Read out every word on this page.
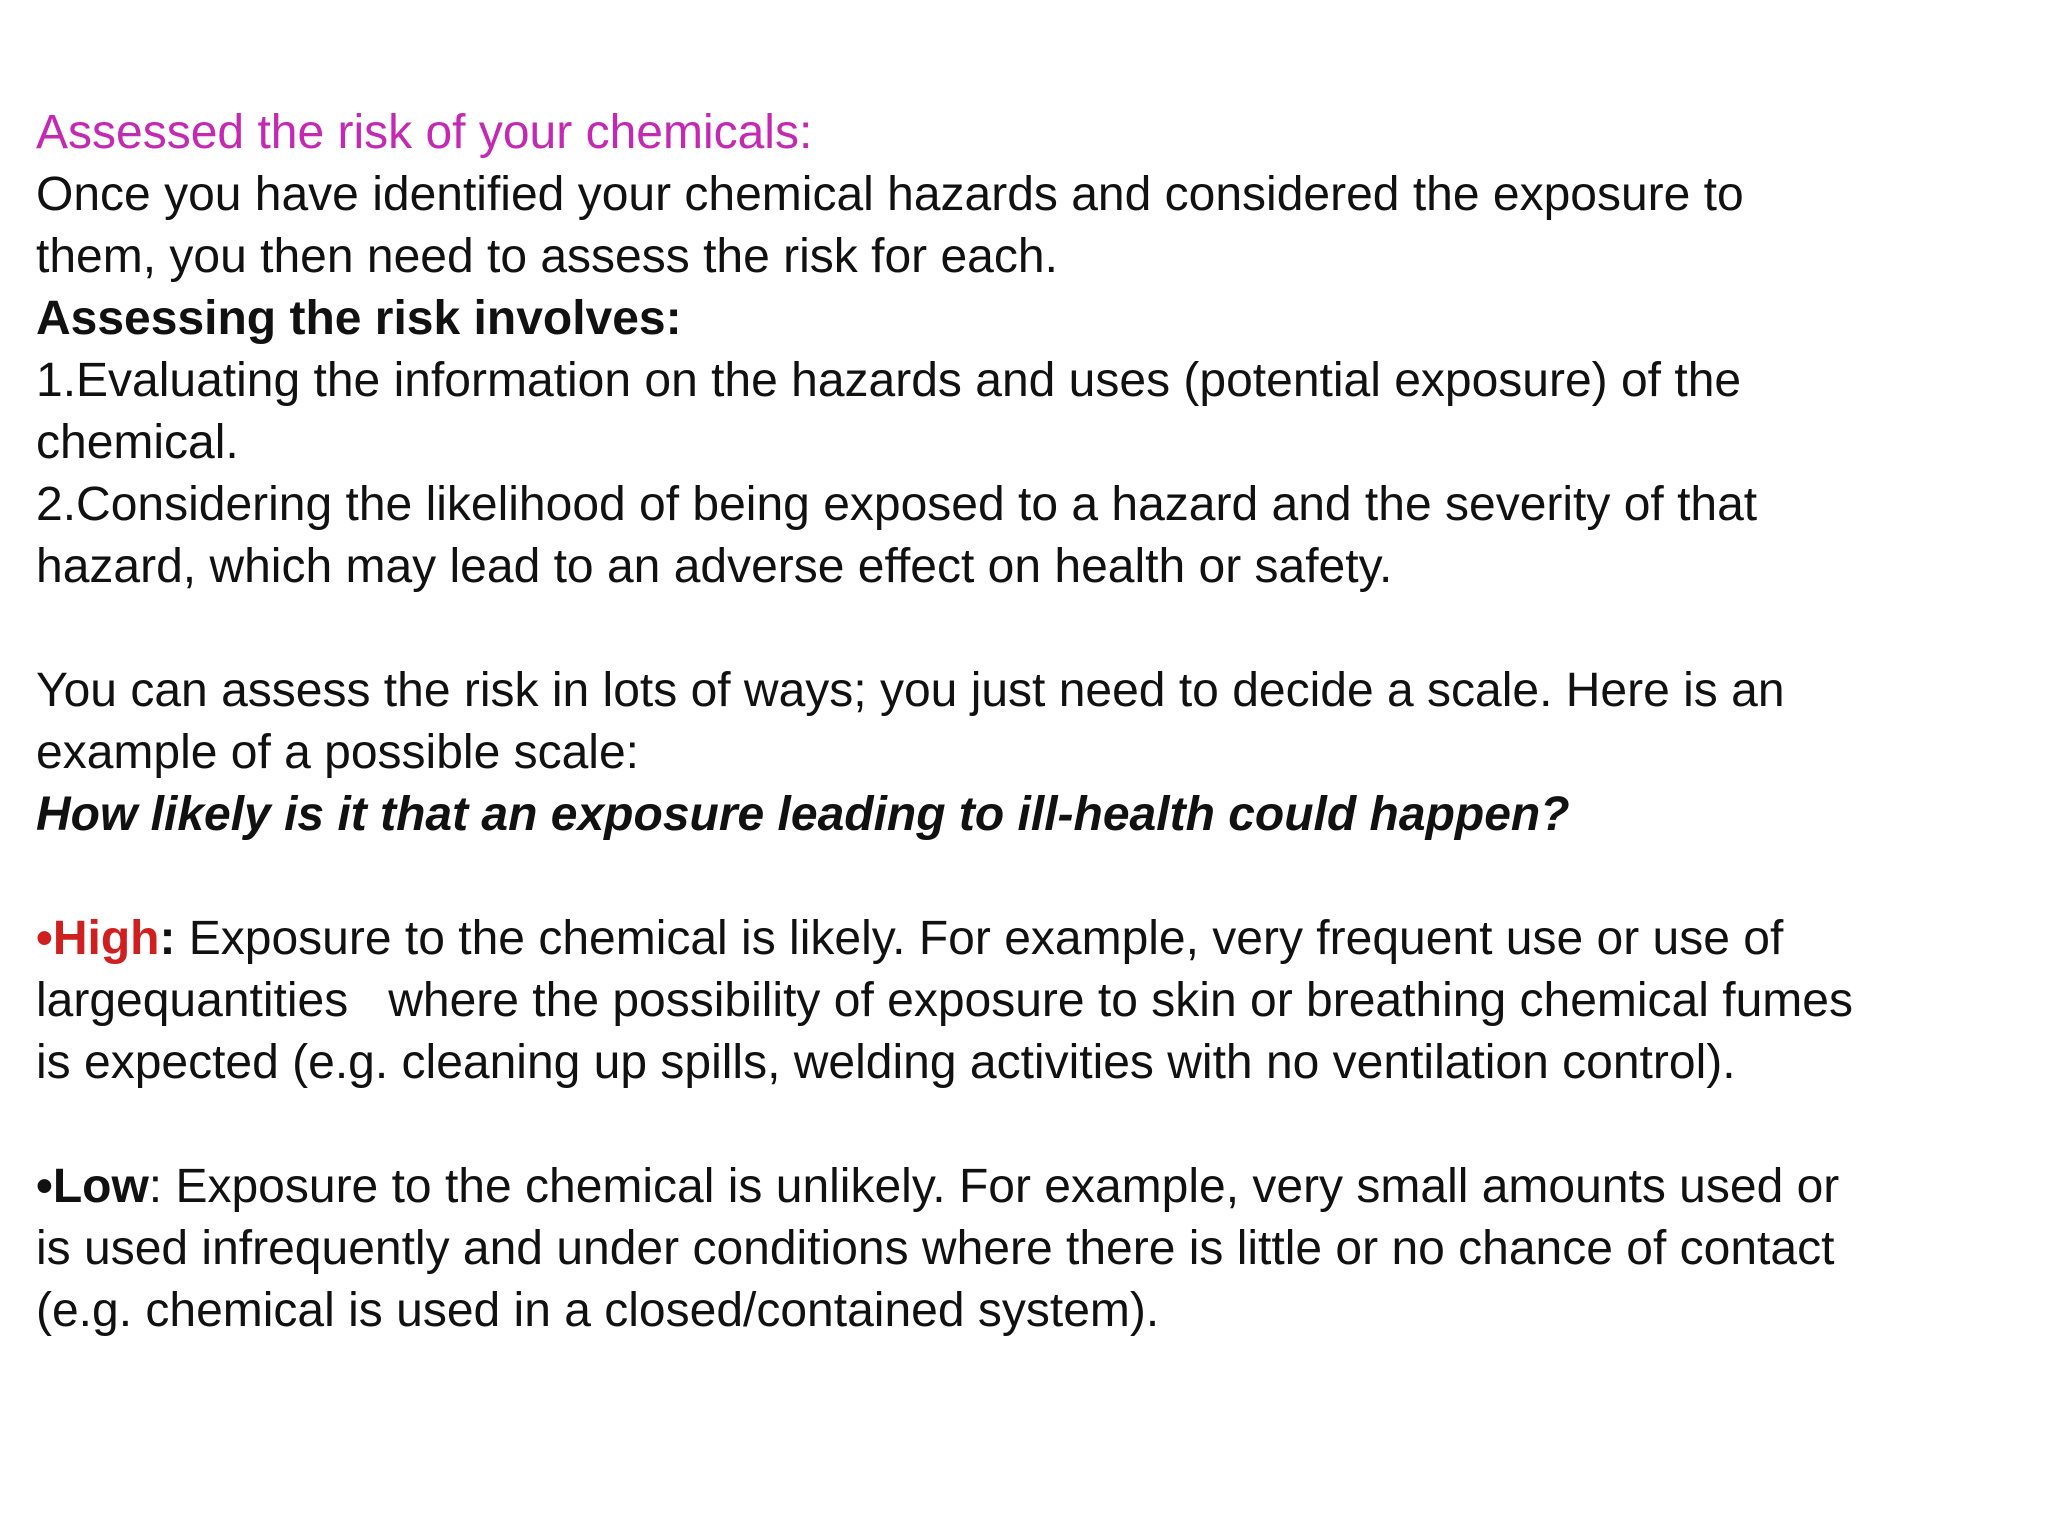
Assessed the risk of your chemicals:
Once you have identified your chemical hazards and considered the exposure to
them, you then need to assess the risk for each.
Assessing the risk involves:
1.Evaluating the information on the hazards and uses (potential exposure) of the
chemical.
2.Considering the likelihood of being exposed to a hazard and the severity of that
hazard, which may lead to an adverse effect on health or safety.
You can assess the risk in lots of ways; you just need to decide a scale. Here is an
example of a possible scale:
How likely is it that an exposure leading to ill-health could happen?
•High: Exposure to the chemical is likely. For example, very frequent use or use of
largequantities   where the possibility of exposure to skin or breathing chemical fumes
is expected (e.g. cleaning up spills, welding activities with no ventilation control).
•Low: Exposure to the chemical is unlikely. For example, very small amounts used or
is used infrequently and under conditions where there is little or no chance of contact
(e.g. chemical is used in a closed/contained system).
